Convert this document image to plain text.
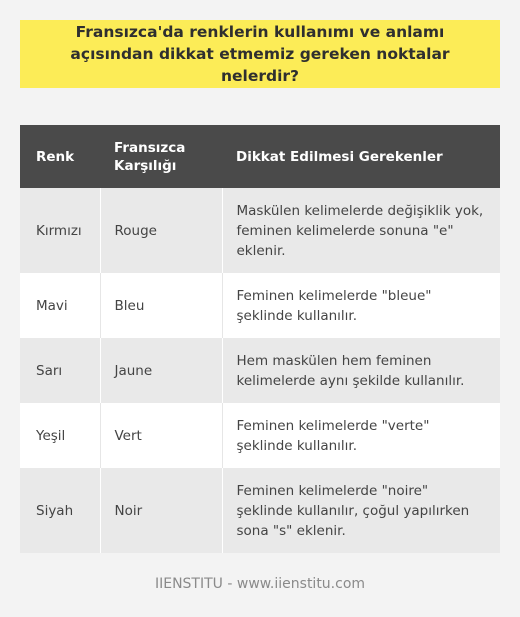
Fransızca'da renklerin kullanımı ve anlamı açısından dikkat etmemiz gereken noktalar nelerdir?
Renk	Fransızca Karşılığı	Dikkat Edilmesi Gerekenler
Kırmızı	Rouge	Maskülen kelimelerde değişiklik yok, feminen kelimelerde sonuna "e" eklenir.
Mavi	Bleu	Feminen kelimelerde "bleue" şeklinde kullanılır.
Sarı	Jaune	Hem maskülen hem feminen kelimelerde aynı şekilde kullanılır.
Yeşil	Vert	Feminen kelimelerde "verte" şeklinde kullanılır.
Siyah	Noir	Feminen kelimelerde "noire" şeklinde kullanılır, çoğul yapılırken sona "s" eklenir.
IIENSTITU - www.iienstitu.com
